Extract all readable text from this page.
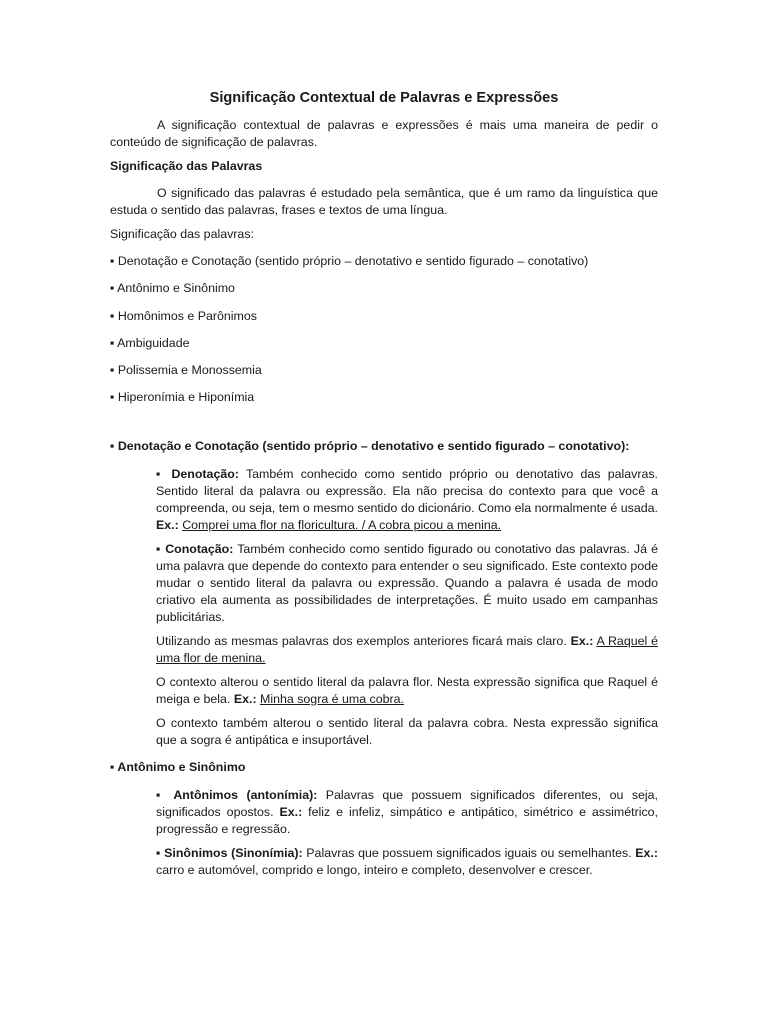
Significação Contextual de Palavras e Expressões

A significação contextual de palavras e expressões é mais uma maneira de pedir o conteúdo de significação de palavras.

Significação das Palavras

O significado das palavras é estudado pela semântica, que é um ramo da linguística que estuda o sentido das palavras, frases e textos de uma língua.

Significação das palavras:

▪ Denotação e Conotação (sentido próprio – denotativo e sentido figurado – conotativo)

▪ Antônimo e Sinônimo

▪ Homônimos e Parônimos

▪ Ambiguidade

▪ Polissemia e Monossemia

▪ Hiperonímia e Hiponímia

▪ Denotação e Conotação (sentido próprio – denotativo e sentido figurado – conotativo):

▪ Denotação: Também conhecido como sentido próprio ou denotativo das palavras. Sentido literal da palavra ou expressão. Ela não precisa do contexto para que você a compreenda, ou seja, tem o mesmo sentido do dicionário. Como ela normalmente é usada. Ex.: Comprei uma flor na floricultura. / A cobra picou a menina.

▪ Conotação: Também conhecido como sentido figurado ou conotativo das palavras. Já é uma palavra que depende do contexto para entender o seu significado. Este contexto pode mudar o sentido literal da palavra ou expressão. Quando a palavra é usada de modo criativo ela aumenta as possibilidades de interpretações. É muito usado em campanhas publicitárias.

Utilizando as mesmas palavras dos exemplos anteriores ficará mais claro. Ex.: A Raquel é uma flor de menina.

O contexto alterou o sentido literal da palavra flor. Nesta expressão significa que Raquel é meiga e bela. Ex.: Minha sogra é uma cobra.

O contexto também alterou o sentido literal da palavra cobra. Nesta expressão significa que a sogra é antipática e insuportável.

▪ Antônimo e Sinônimo

▪ Antônimos (antonímia): Palavras que possuem significados diferentes, ou seja, significados opostos. Ex.: feliz e infeliz, simpático e antipático, simétrico e assimétrico, progressão e regressão.

▪ Sinônimos (Sinonímia): Palavras que possuem significados iguais ou semelhantes. Ex.: carro e automóvel, comprido e longo, inteiro e completo, desenvolver e crescer.
